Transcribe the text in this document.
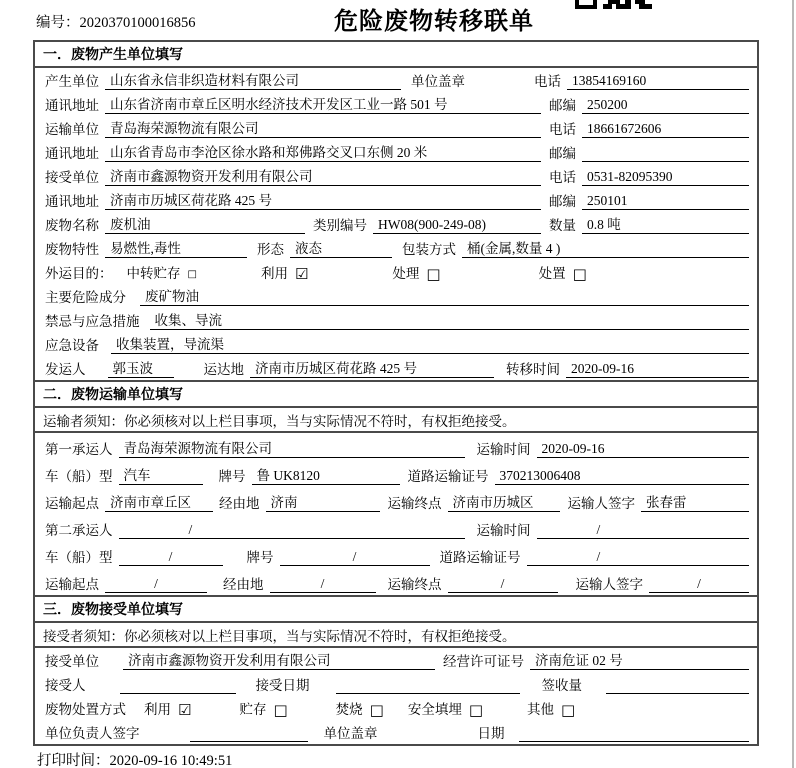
编号：2020370100016856	危险废物转移联单
一．废物产生单位填写
产生单位 山东省永信非织造材料有限公司	单位盖章	电话 13854169160
通讯地址 山东省济南市章丘区明水经济技术开发区工业一路 501 号	邮编 250200
运输单位 青岛海荣源物流有限公司	电话 18661672606
通讯地址 山东省青岛市李沧区徐水路和郑佛路交叉口东侧 20 米	邮编
接受单位 济南市鑫源物资开发利用有限公司	电话 0531-82095390
通讯地址 济南市历城区荷花路 425 号	邮编 250101
废物名称 废机油	类别编号 HW08(900-249-08)	数量 0.8 吨
废物特性 易燃性,毒性	形态 液态	包装方式 桶(金属,数量 4 )
外运目的： 中转贮存 □	利用 ☑	处理 □	处置 □
主要危险成分	废矿物油
禁忌与应急措施	收集、导流
应急设备	收集装置，导流渠
发运人	郭玉波	运达地 济南市历城区荷花路 425 号	转移时间 2020-09-16
二．废物运输单位填写
运输者须知：你必须核对以上栏目事项，当与实际情况不符时，有权拒绝接受。
第一承运人 青岛海荣源物流有限公司	运输时间 2020-09-16
车（船）型 汽车	牌号 鲁 UK8120	道路运输证号 370213006408
运输起点 济南市章丘区	经由地 济南	运输终点 济南市历城区	运输人签字 张春雷
第二承运人	/	运输时间	/
车（船）型	/	牌号	/	道路运输证号	/
运输起点	/	经由地	/	运输终点	/	运输人签字	/
三．废物接受单位填写
接受者须知：你必须核对以上栏目事项，当与实际情况不符时，有权拒绝接受。
接受单位	济南市鑫源物资开发利用有限公司	经营许可证号 济南危证 02 号
接受人	接受日期	签收量
废物处置方式 利用 ☑	贮存 □	焚烧 □ 安全填埋 □	其他 □
单位负责人签字	单位盖章	日期
打印时间：2020-09-16 10:49:51
